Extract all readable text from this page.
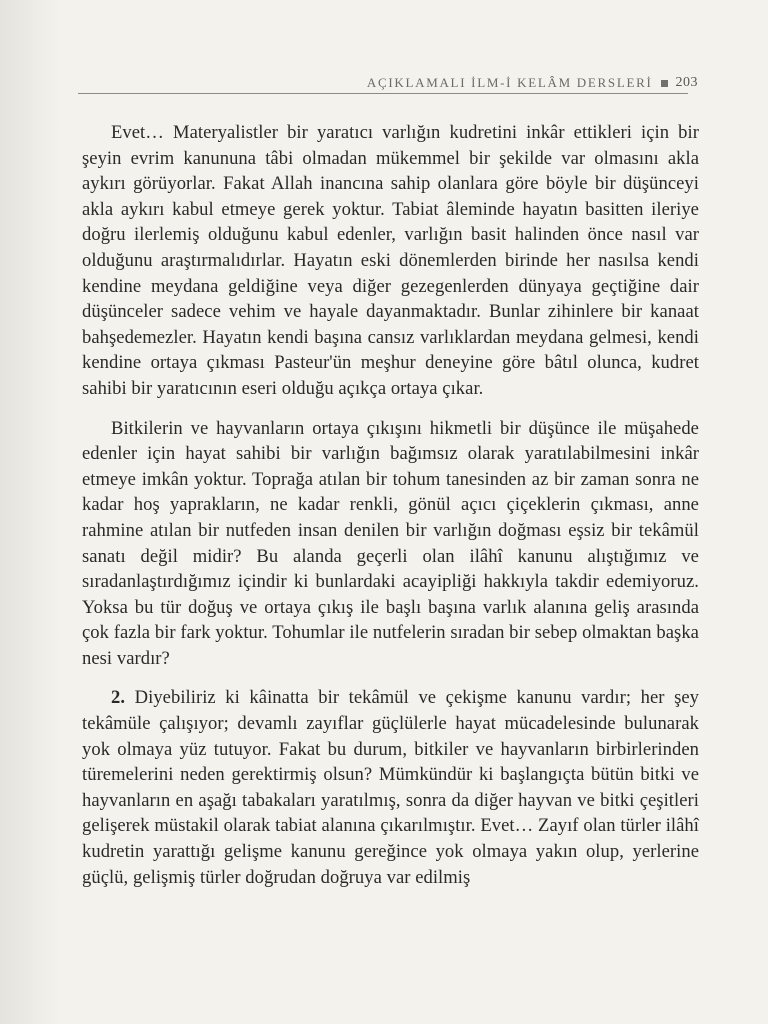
AÇIKLAMALI İLM-İ KELÂM DERSLERİ 203

Evet… Materyalistler bir yaratıcı varlığın kudretini inkâr ettikleri için bir şeyin evrim kanununa tâbi olmadan mükemmel bir şekilde var olmasını akla aykırı görüyorlar. Fakat Allah inancına sahip olanlara göre böyle bir düşünceyi akla aykırı kabul etmeye gerek yoktur. Tabiat âleminde hayatın basitten ileriye doğru ilerlemiş olduğunu kabul edenler, varlığın basit halinden önce nasıl var olduğunu araştırmalıdırlar. Hayatın eski dönemlerden birinde her nasılsa kendi kendine meydana geldiğine veya diğer gezegenlerden dünyaya geçtiğine dair düşünceler sadece vehim ve hayale dayanmaktadır. Bunlar zihinlere bir kanaat bahşedemezler. Hayatın kendi başına cansız varlıklardan meydana gelmesi, kendi kendine ortaya çıkması Pasteur'ün meşhur deneyine göre bâtıl olunca, kudret sahibi bir yaratıcının eseri olduğu açıkça ortaya çıkar.

Bitkilerin ve hayvanların ortaya çıkışını hikmetli bir düşünce ile müşahede edenler için hayat sahibi bir varlığın bağımsız olarak yaratılabilmesini inkâr etmeye imkân yoktur. Toprağa atılan bir tohum tanesinden az bir zaman sonra ne kadar hoş yaprakların, ne kadar renkli, gönül açıcı çiçeklerin çıkması, anne rahmine atılan bir nutfeden insan denilen bir varlığın doğması eşsiz bir tekâmül sanatı değil midir? Bu alanda geçerli olan ilâhî kanunu alıştığımız ve sıradanlaştırdığımız içindir ki bunlardaki acayipliği hakkıyla takdir edemiyoruz. Yoksa bu tür doğuş ve ortaya çıkış ile başlı başına varlık alanına geliş arasında çok fazla bir fark yoktur. Tohumlar ile nutfelerin sıradan bir sebep olmaktan başka nesi vardır?

2. Diyebiliriz ki kâinatta bir tekâmül ve çekişme kanunu vardır; her şey tekâmüle çalışıyor; devamlı zayıflar güçlülerle hayat mücadelesinde bulunarak yok olmaya yüz tutuyor. Fakat bu durum, bitkiler ve hayvanların birbirlerinden türemelerini neden gerektirmiş olsun? Mümkündür ki başlangıçta bütün bitki ve hayvanların en aşağı tabakaları yaratılmış, sonra da diğer hayvan ve bitki çeşitleri gelişerek müstakil olarak tabiat alanına çıkarılmıştır. Evet… Zayıf olan türler ilâhî kudretin yarattığı gelişme kanunu gereğince yok olmaya yakın olup, yerlerine güçlü, gelişmiş türler doğrudan doğruya var edilmiş
